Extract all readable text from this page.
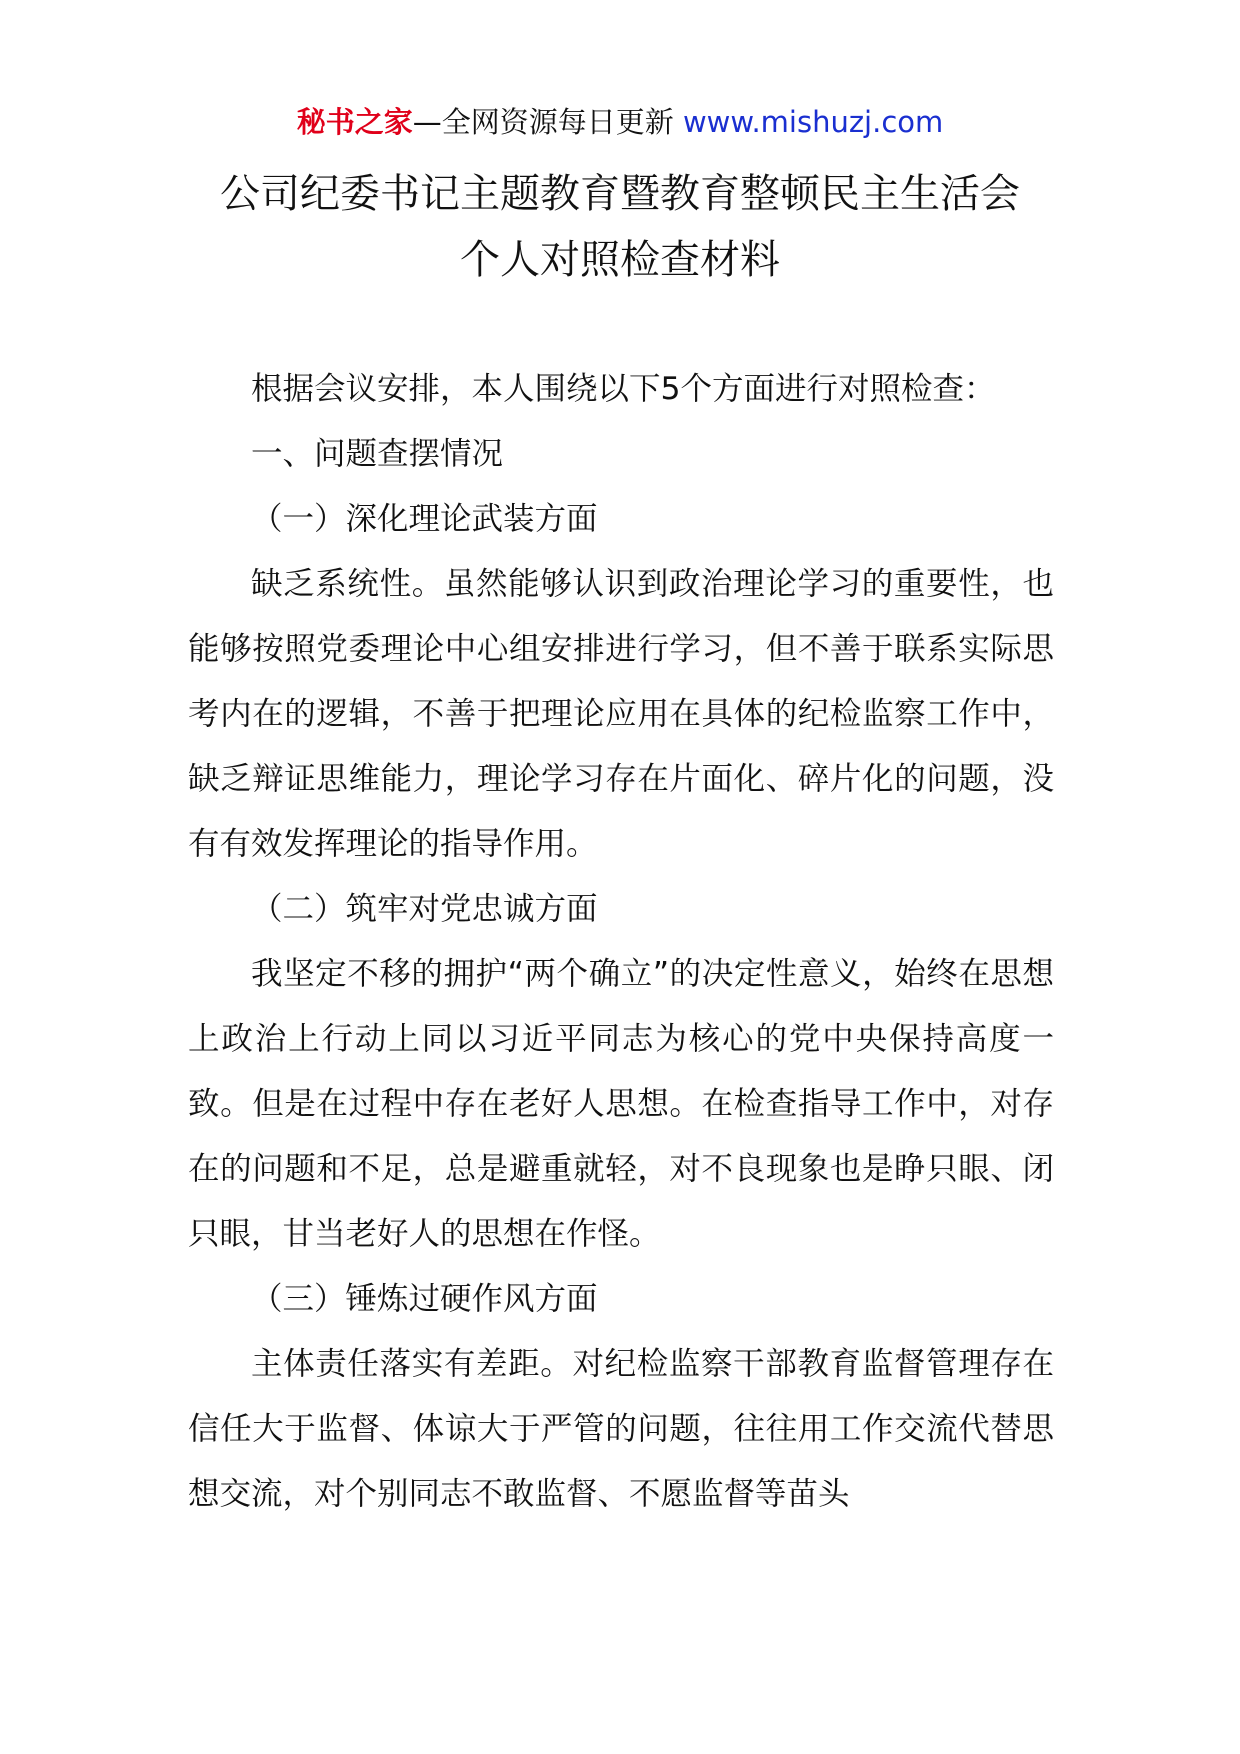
秘书之家—全网资源每日更新 www.mishuzj.com
公司纪委书记主题教育暨教育整顿民主生活会
个人对照检查材料

根据会议安排，本人围绕以下5个方面进行对照检查：

一、问题查摆情况

（一）深化理论武装方面

缺乏系统性。虽然能够认识到政治理论学习的重要性，也能够按照党委理论中心组安排进行学习，但不善于联系实际思考内在的逻辑，不善于把理论应用在具体的纪检监察工作中，缺乏辩证思维能力，理论学习存在片面化、碎片化的问题，没有有效发挥理论的指导作用。

（二）筑牢对党忠诚方面

我坚定不移的拥护“两个确立”的决定性意义，始终在思想上政治上行动上同以习近平同志为核心的党中央保持高度一致。但是在过程中存在老好人思想。在检查指导工作中，对存在的问题和不足，总是避重就轻，对不良现象也是睁只眼、闭只眼，甘当老好人的思想在作怪。

（三）锤炼过硬作风方面

主体责任落实有差距。对纪检监察干部教育监督管理存在信任大于监督、体谅大于严管的问题，往往用工作交流代替思想交流，对个别同志不敢监督、不愿监督等苗头
